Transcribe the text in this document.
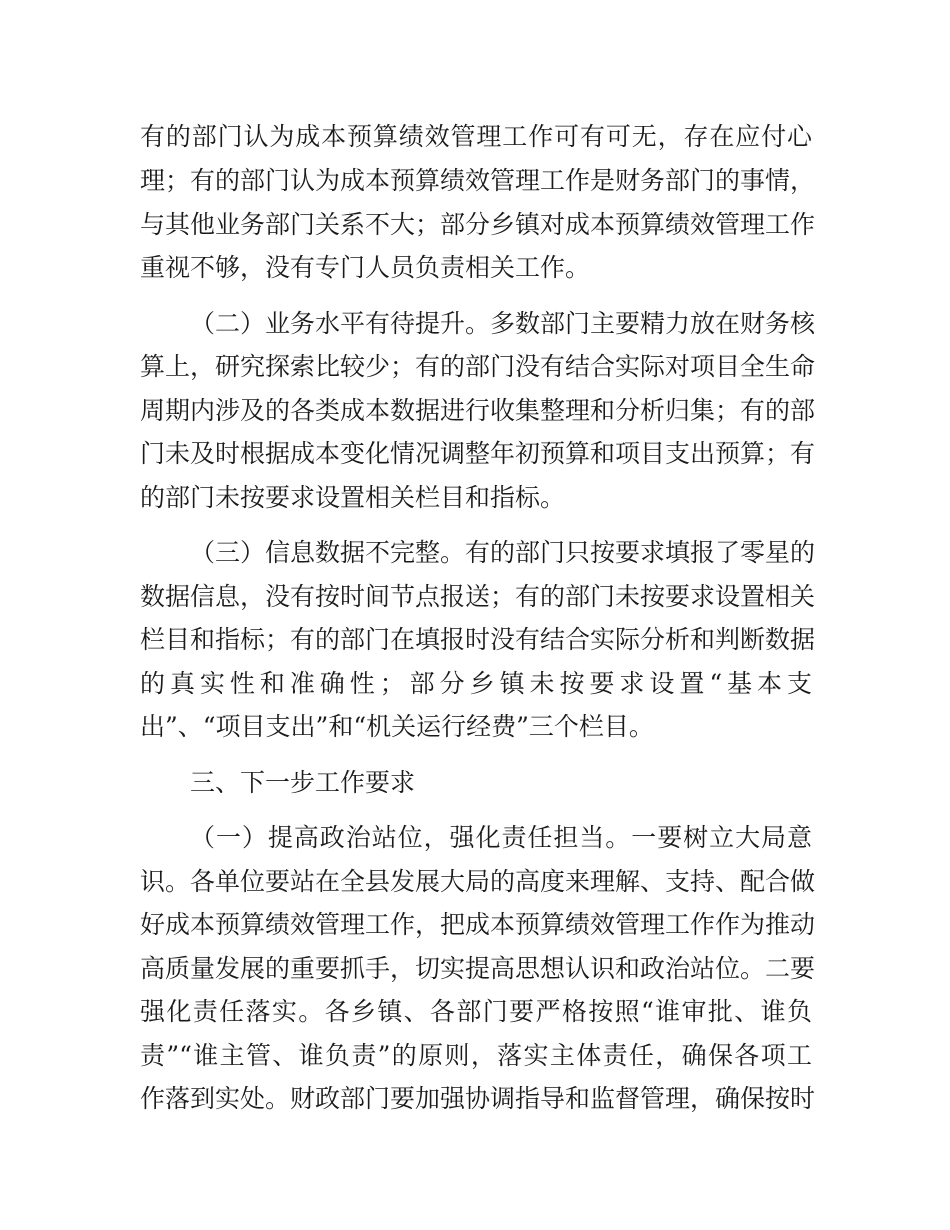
有的部门认为成本预算绩效管理工作可有可无，存在应付心
理；有的部门认为成本预算绩效管理工作是财务部门的事情，
与其他业务部门关系不大；部分乡镇对成本预算绩效管理工作
重视不够，没有专门人员负责相关工作。
（二）业务水平有待提升。多数部门主要精力放在财务核
算上，研究探索比较少；有的部门没有结合实际对项目全生命
周期内涉及的各类成本数据进行收集整理和分析归集；有的部
门未及时根据成本变化情况调整年初预算和项目支出预算；有
的部门未按要求设置相关栏目和指标。
（三）信息数据不完整。有的部门只按要求填报了零星的
数据信息，没有按时间节点报送；有的部门未按要求设置相关
栏目和指标；有的部门在填报时没有结合实际分析和判断数据
的真实性和准确性；部分乡镇未按要求设置“基本支
出”、“项目支出”和“机关运行经费”三个栏目。
三、下一步工作要求
（一）提高政治站位，强化责任担当。一要树立大局意
识。各单位要站在全县发展大局的高度来理解、支持、配合做
好成本预算绩效管理工作，把成本预算绩效管理工作作为推动
高质量发展的重要抓手，切实提高思想认识和政治站位。二要
强化责任落实。各乡镇、各部门要严格按照“谁审批、谁负
责”“谁主管、谁负责”的原则，落实主体责任，确保各项工
作落到实处。财政部门要加强协调指导和监督管理，确保按时
